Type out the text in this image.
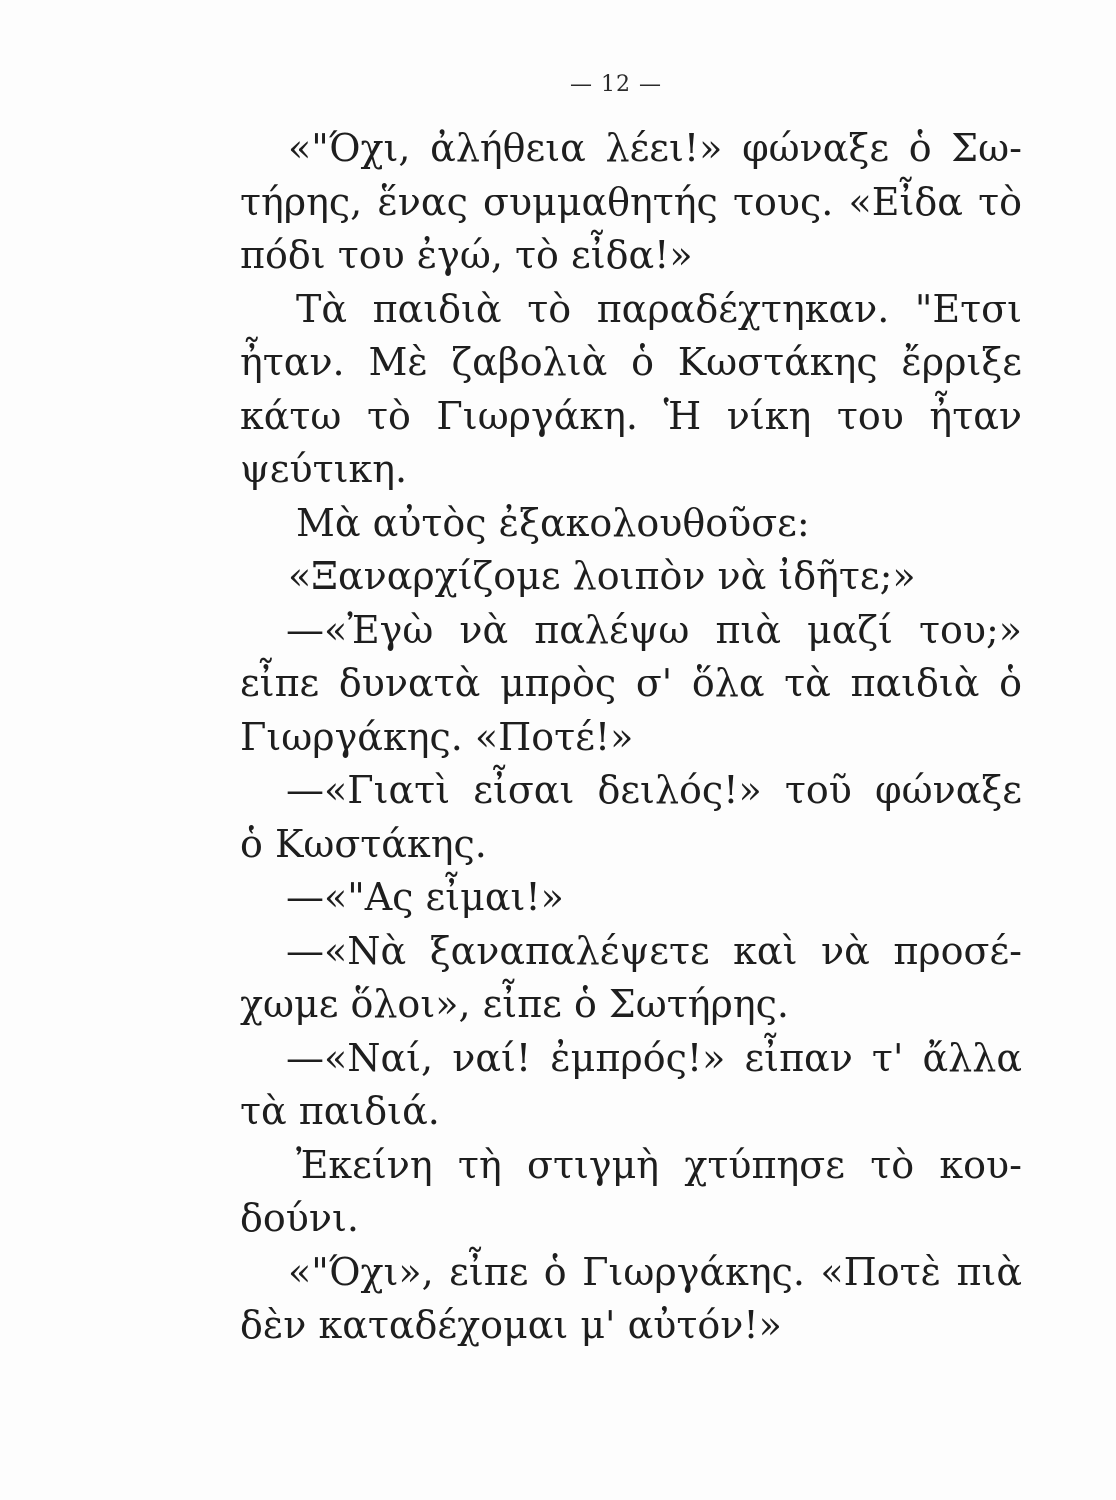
— 12 —
«"Όχι, ἀλήθεια λέει!» φώναξε ὁ Σω-
τήρης, ἕνας συμμαθητής τους. «Εἶδα τὸ
πόδι του ἐγώ, τὸ εἶδα!»
Τὰ παιδιὰ τὸ παραδέχτηκαν. "Ετσι
ἦταν. Μὲ ζαβολιὰ ὁ Κωστάκης ἔρριξε
κάτω τὸ Γιωργάκη. Ἡ νίκη του ἦταν
ψεύτικη.
Μὰ αὐτὸς ἐξακολουθοῦσε:
«Ξαναρχίζομε λοιπὸν νὰ ἰδῆτε;»
—«Ἐγὼ νὰ παλέψω πιὰ μαζί του;»
εἶπε δυνατὰ μπρὸς σ' ὅλα τὰ παιδιὰ ὁ
Γιωργάκης. «Ποτέ!»
—«Γιατὶ εἶσαι δειλός!» τοῦ φώναξε
ὁ Κωστάκης.
—«"Ας εἶμαι!»
—«Νὰ ξαναπαλέψετε καὶ νὰ προσέ-
χωμε ὅλοι», εἶπε ὁ Σωτήρης.
—«Ναί, ναί! ἐμπρός!» εἶπαν τ' ἄλλα
τὰ παιδιά.
Ἐκείνη τὴ στιγμὴ χτύπησε τὸ κου-
δούνι.
«"Όχι», εἶπε ὁ Γιωργάκης. «Ποτὲ πιὰ
δὲν καταδέχομαι μ' αὐτόν!»
